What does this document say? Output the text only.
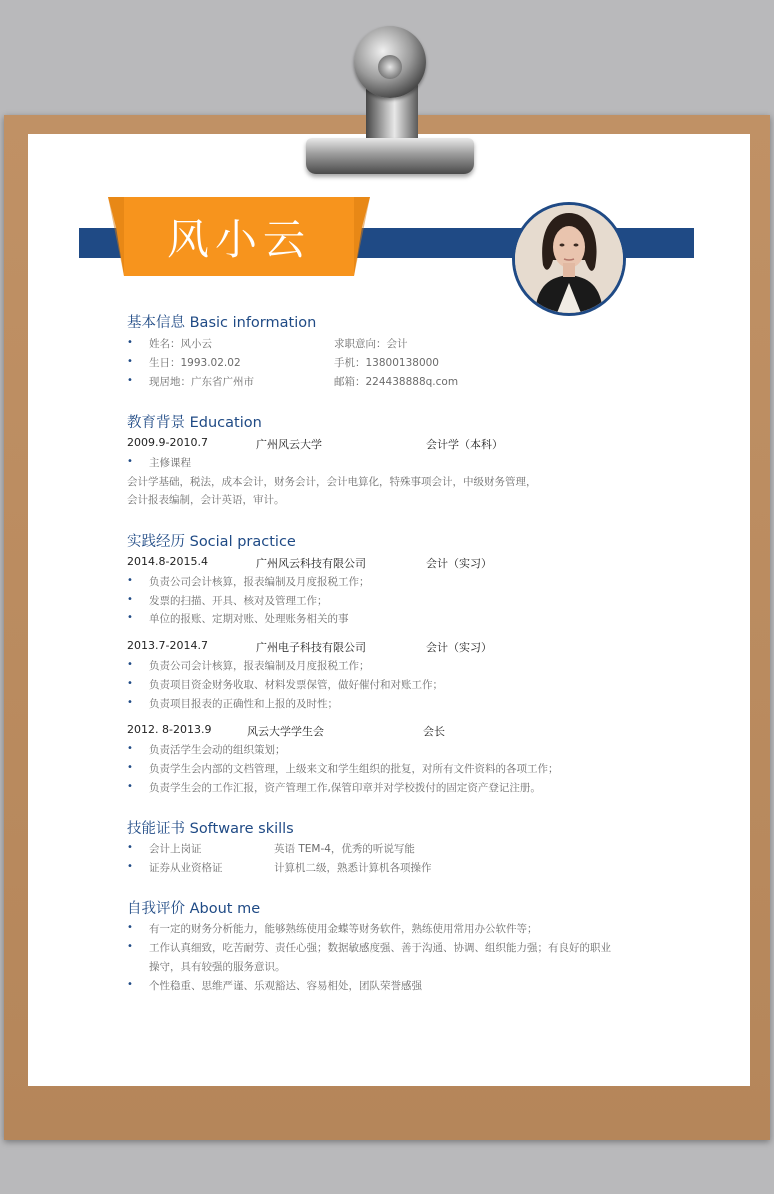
风小云
基本信息 Basic information
• 姓名：风小云	求职意向：会计
• 生日：1993.02.02	手机：13800138000
• 现居地：广东省广州市	邮箱：224438888q.com
教育背景 Education
2009.9-2010.7	广州风云大学	会计学（本科）
• 主修课程
会计学基础，税法，成本会计，财务会计，会计电算化，特殊事项会计，中级财务管理，
会计报表编制，会计英语，审计。
实践经历 Social practice
2014.8-2015.4	广州风云科技有限公司	会计（实习）
• 负责公司会计核算，报表编制及月度报税工作；
• 发票的扫描、开具、核对及管理工作；
• 单位的报账、定期对账、处理账务相关的事
2013.7-2014.7	广州电子科技有限公司	会计（实习）
• 负责公司会计核算，报表编制及月度报税工作；
• 负责项目资金财务收取、材料发票保管，做好催付和对账工作；
• 负责项目报表的正确性和上报的及时性；
2012. 8-2013.9	风云大学学生会	会长
• 负责活学生会动的组织策划；
• 负责学生会内部的文档管理，上级来文和学生组织的批复，对所有文件资料的各项工作；
• 负责学生会的工作汇报，资产管理工作,保管印章并对学校拨付的固定资产登记注册。
技能证书 Software skills
• 会计上岗证	英语 TEM-4，优秀的听说写能
• 证券从业资格证	计算机二级，熟悉计算机各项操作
自我评价 About me
• 有一定的财务分析能力，能够熟练使用金蝶等财务软件，熟练使用常用办公软件等；
• 工作认真细致，吃苦耐劳、责任心强；数据敏感度强、善于沟通、协调、组织能力强；有良好的职业
操守，具有较强的服务意识。
• 个性稳重、思维严谨、乐观豁达、容易相处，团队荣誉感强
